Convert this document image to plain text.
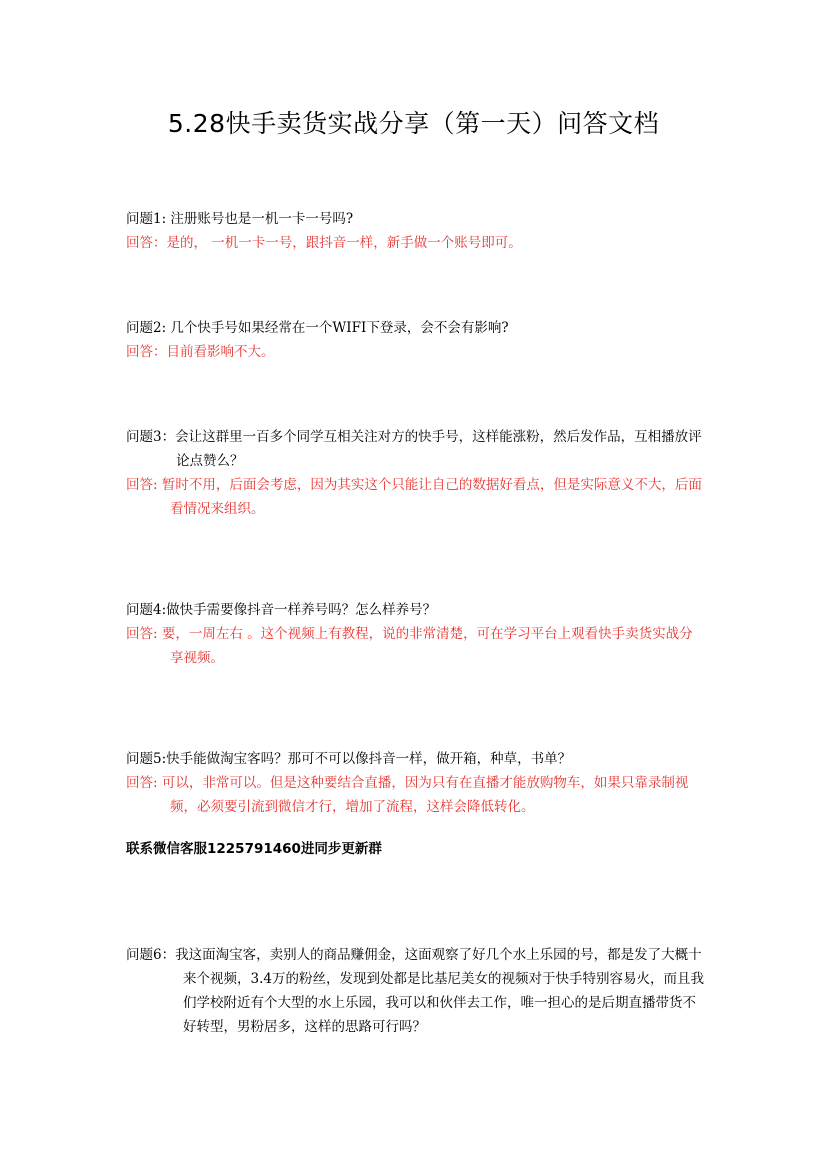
5.28快手卖货实战分享（第一天）问答文档

问题1: 注册账号也是一机一卡一号吗?

回答：是的， 一机一卡一号，跟抖音一样，新手做一个账号即可。

问题2: 几个快手号如果经常在一个WIFI下登录，会不会有影响?

回答：目前看影响不大。

问题3：会让这群里一百多个同学互相关注对方的快手号，这样能涨粉，然后发作品，互相播放评论点赞么？

回答: 暂时不用，后面会考虑，因为其实这个只能让自己的数据好看点，但是实际意义不大，后面看情况来组织。

问题4:做快手需要像抖音一样养号吗？怎么样养号？

回答: 要，一周左右 。这个视频上有教程，说的非常清楚，可在学习平台上观看快手卖货实战分享视频。

问题5:快手能做淘宝客吗？那可不可以像抖音一样，做开箱，种草，书单？

回答: 可以，非常可以。但是这种要结合直播，因为只有在直播才能放购物车，如果只靠录制视频，必须要引流到微信才行，增加了流程，这样会降低转化。

联系微信客服1225791460进同步更新群

问题6：我这面淘宝客，卖别人的商品赚佣金，这面观察了好几个水上乐园的号，都是发了大概十来个视频，3.4万的粉丝，发现到处都是比基尼美女的视频对于快手特别容易火，而且我们学校附近有个大型的水上乐园，我可以和伙伴去工作，唯一担心的是后期直播带货不好转型，男粉居多，这样的思路可行吗？
